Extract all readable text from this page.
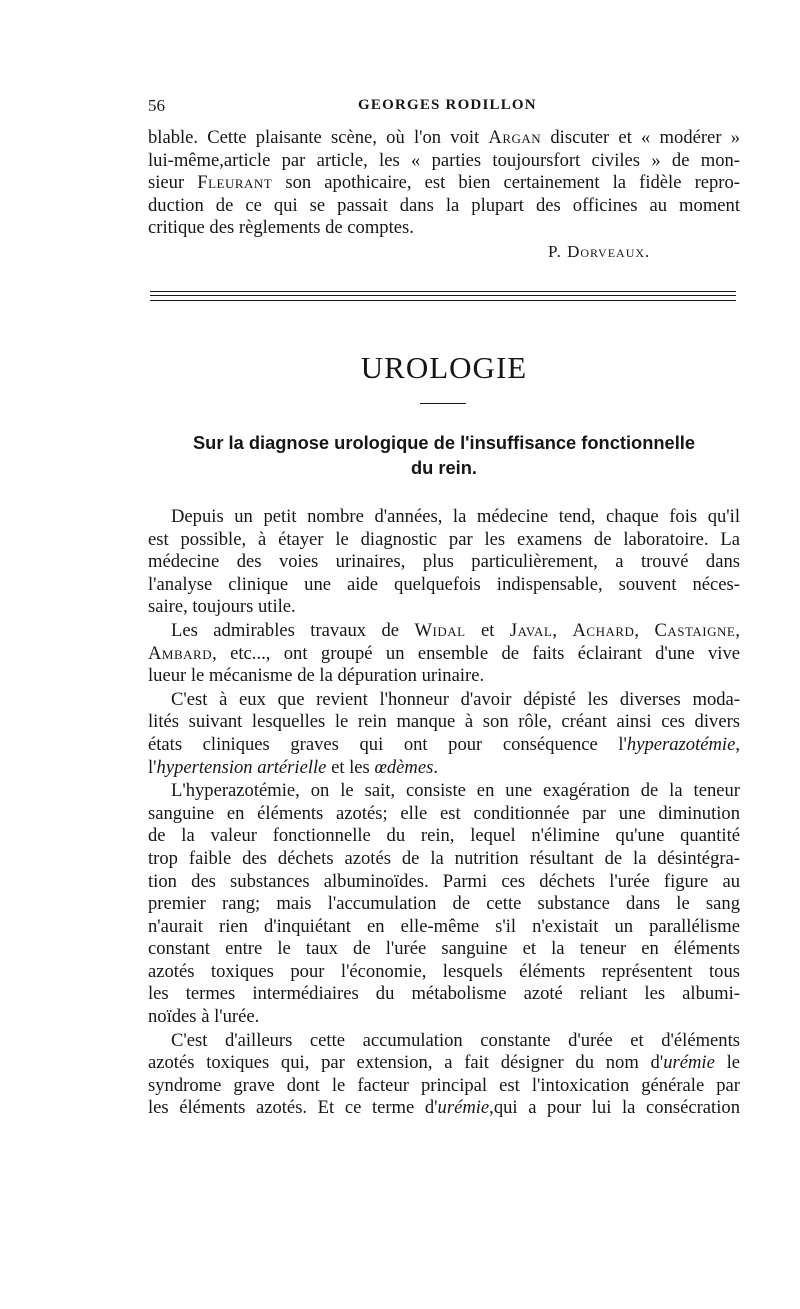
56	GEORGES RODILLON
blable. Cette plaisante scène, où l'on voit Argan discuter et « modérer »
lui-même,article par article, les « parties toujoursfort civiles » de mon-
sieur Fleurant son apothicaire, est bien certainement la fidèle repro-
duction de ce qui se passait dans la plupart des officines au moment
critique des règlements de comptes.
P. Dorveaux.
UROLOGIE
Sur la diagnose urologique de l'insuffisance fonctionnelle
du rein.
Depuis un petit nombre d'années, la médecine tend, chaque fois qu'il
est possible, à étayer le diagnostic par les examens de laboratoire. La
médecine des voies urinaires, plus particulièrement, a trouvé dans
l'analyse clinique une aide quelquefois indispensable, souvent néces-
saire, toujours utile.
Les admirables travaux de Widal et Javal, Achard, Castaigne,
Ambard, etc..., ont groupé un ensemble de faits éclairant d'une vive
lueur le mécanisme de la dépuration urinaire.
C'est à eux que revient l'honneur d'avoir dépisté les diverses moda-
lités suivant lesquelles le rein manque à son rôle, créant ainsi ces divers
états cliniques graves qui ont pour conséquence l'hyperazotémie,
l'hypertension artérielle et les œdèmes.
L'hyperazotémie, on le sait, consiste en une exagération de la teneur
sanguine en éléments azotés; elle est conditionnée par une diminution
de la valeur fonctionnelle du rein, lequel n'élimine qu'une quantité
trop faible des déchets azotés de la nutrition résultant de la désintégra-
tion des substances albuminoïdes. Parmi ces déchets l'urée figure au
premier rang; mais l'accumulation de cette substance dans le sang
n'aurait rien d'inquiétant en elle-même s'il n'existait un parallélisme
constant entre le taux de l'urée sanguine et la teneur en éléments
azotés toxiques pour l'économie, lesquels éléments représentent tous
les termes intermédiaires du métabolisme azoté reliant les albumi-
noïdes à l'urée.
C'est d'ailleurs cette accumulation constante d'urée et d'éléments
azotés toxiques qui, par extension, a fait désigner du nom d'urémie le
syndrome grave dont le facteur principal est l'intoxication générale par
les éléments azotés. Et ce terme d'urémie,qui a pour lui la consécration
